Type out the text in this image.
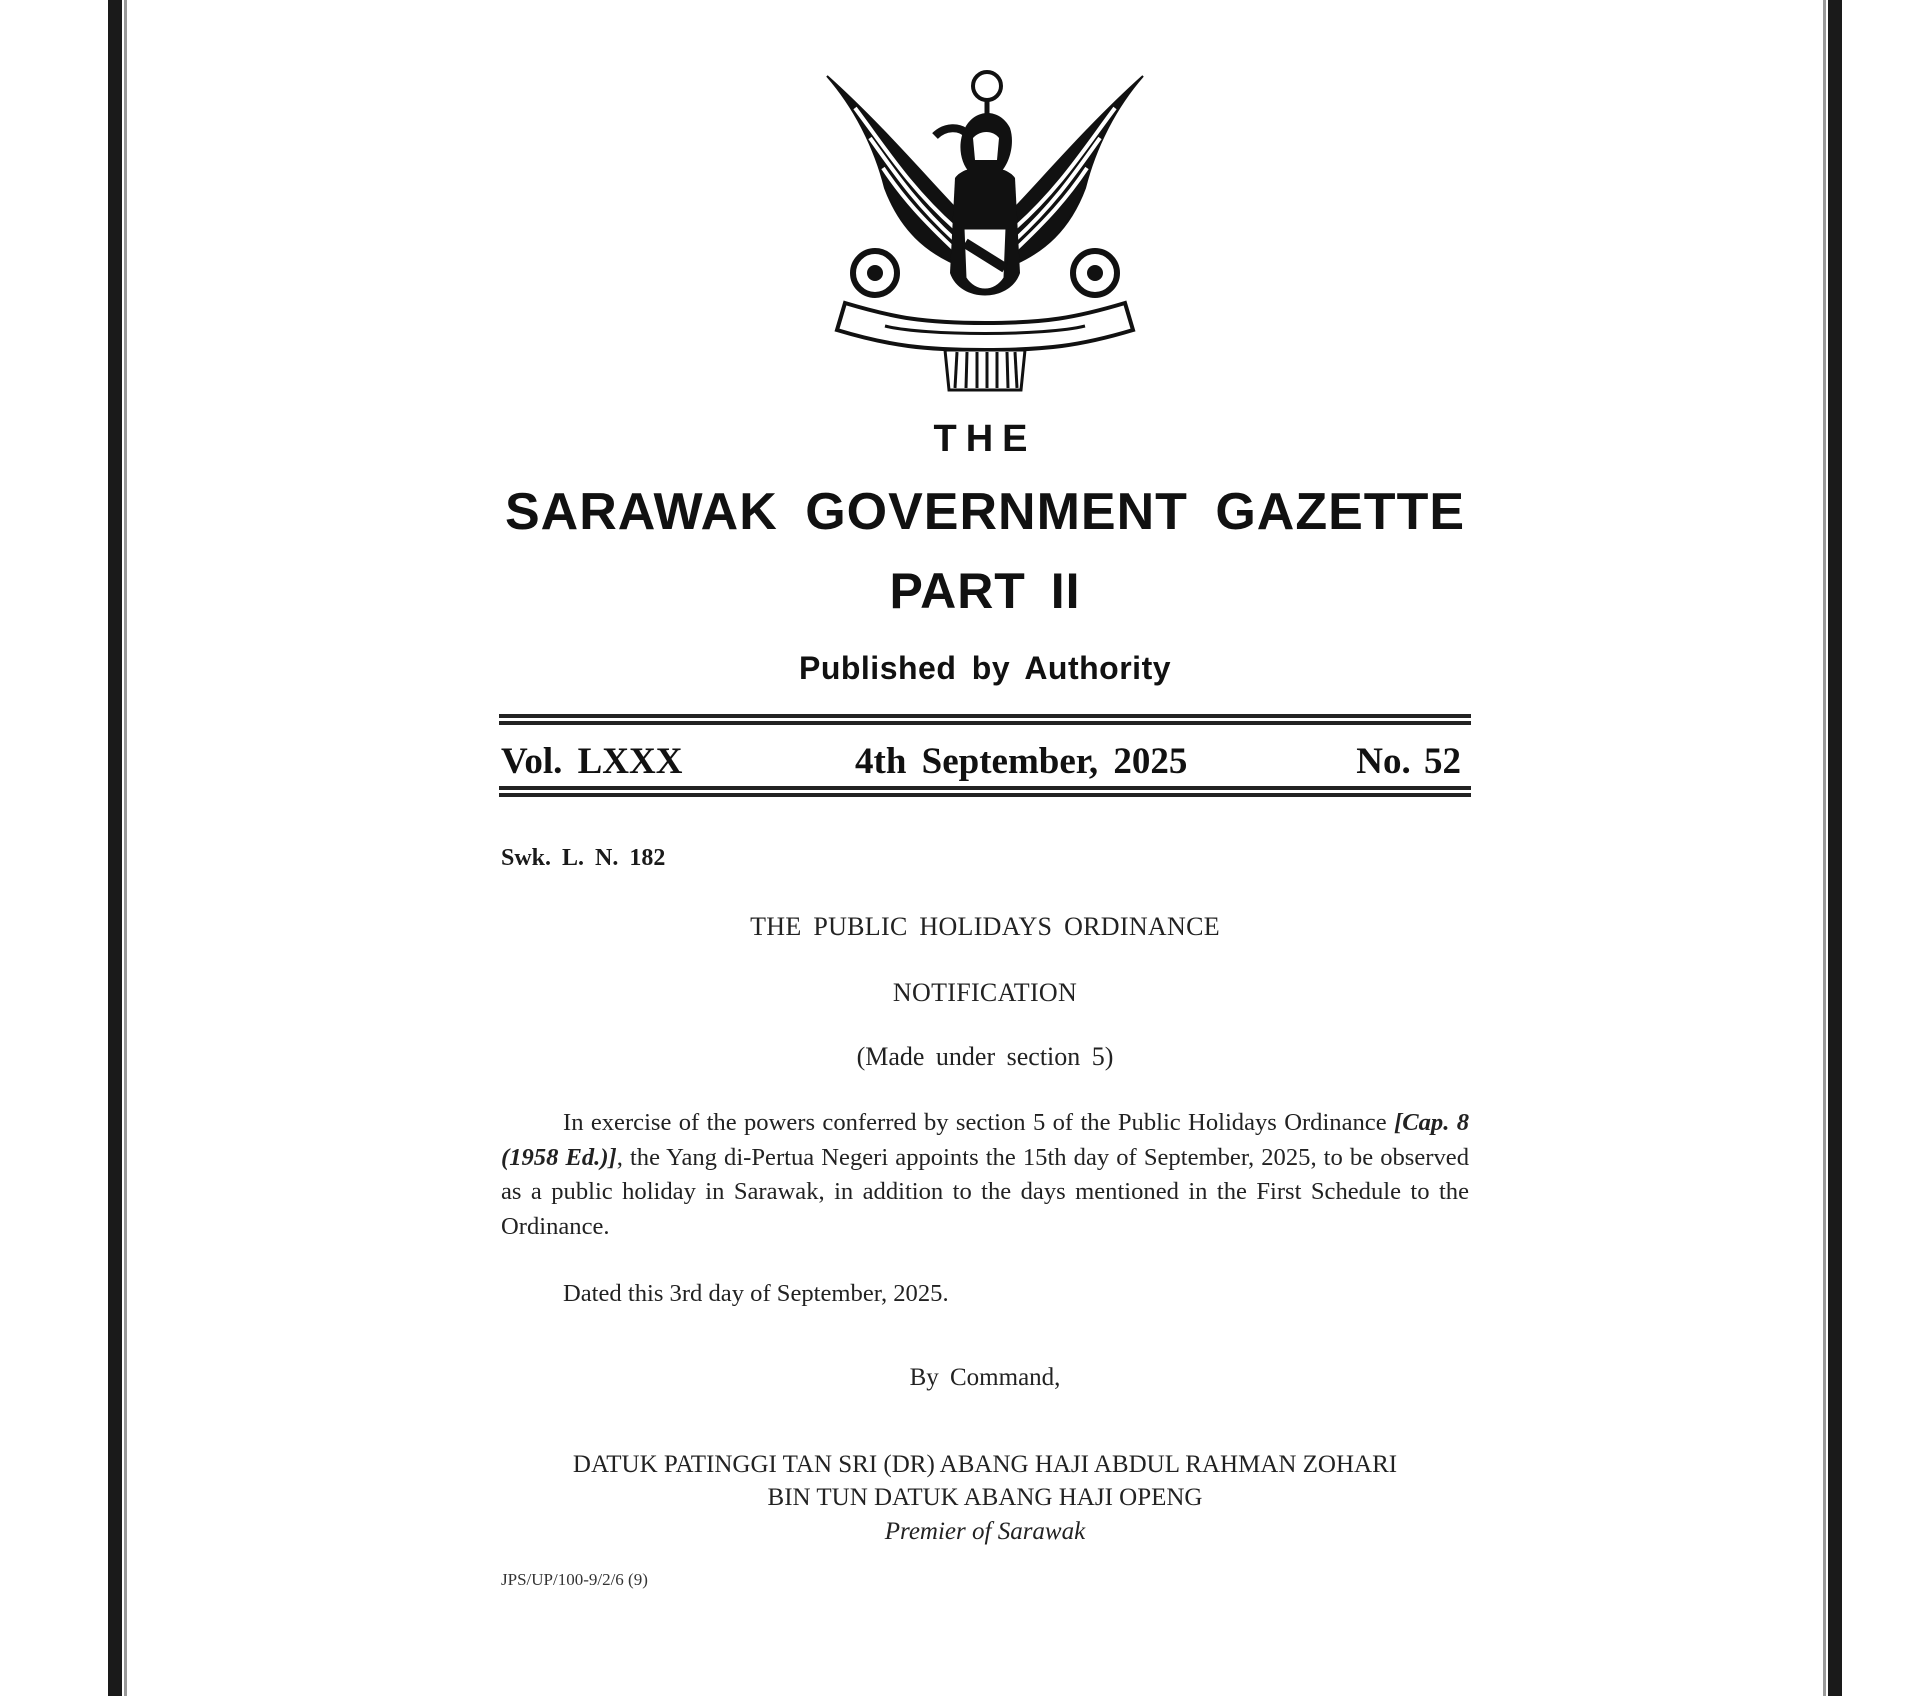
THE
SARAWAK GOVERNMENT GAZETTE
PART II
Published by Authority
Vol. LXXX	4th September, 2025	No. 52
Swk. L. N. 182
THE PUBLIC HOLIDAYS ORDINANCE
NOTIFICATION
(Made under section 5)

In exercise of the powers conferred by section 5 of the Public Holidays Ordinance [Cap. 8 (1958 Ed.)], the Yang di-Pertua Negeri appoints the 15th day of September, 2025, to be observed as a public holiday in Sarawak, in addition to the days mentioned in the First Schedule to the Ordinance.

Dated this 3rd day of September, 2025.
By Command,
DATUK PATINGGI TAN SRI (DR) ABANG HAJI ABDUL RAHMAN ZOHARI
BIN TUN DATUK ABANG HAJI OPENG
Premier of Sarawak
JPS/UP/100-9/2/6 (9)
